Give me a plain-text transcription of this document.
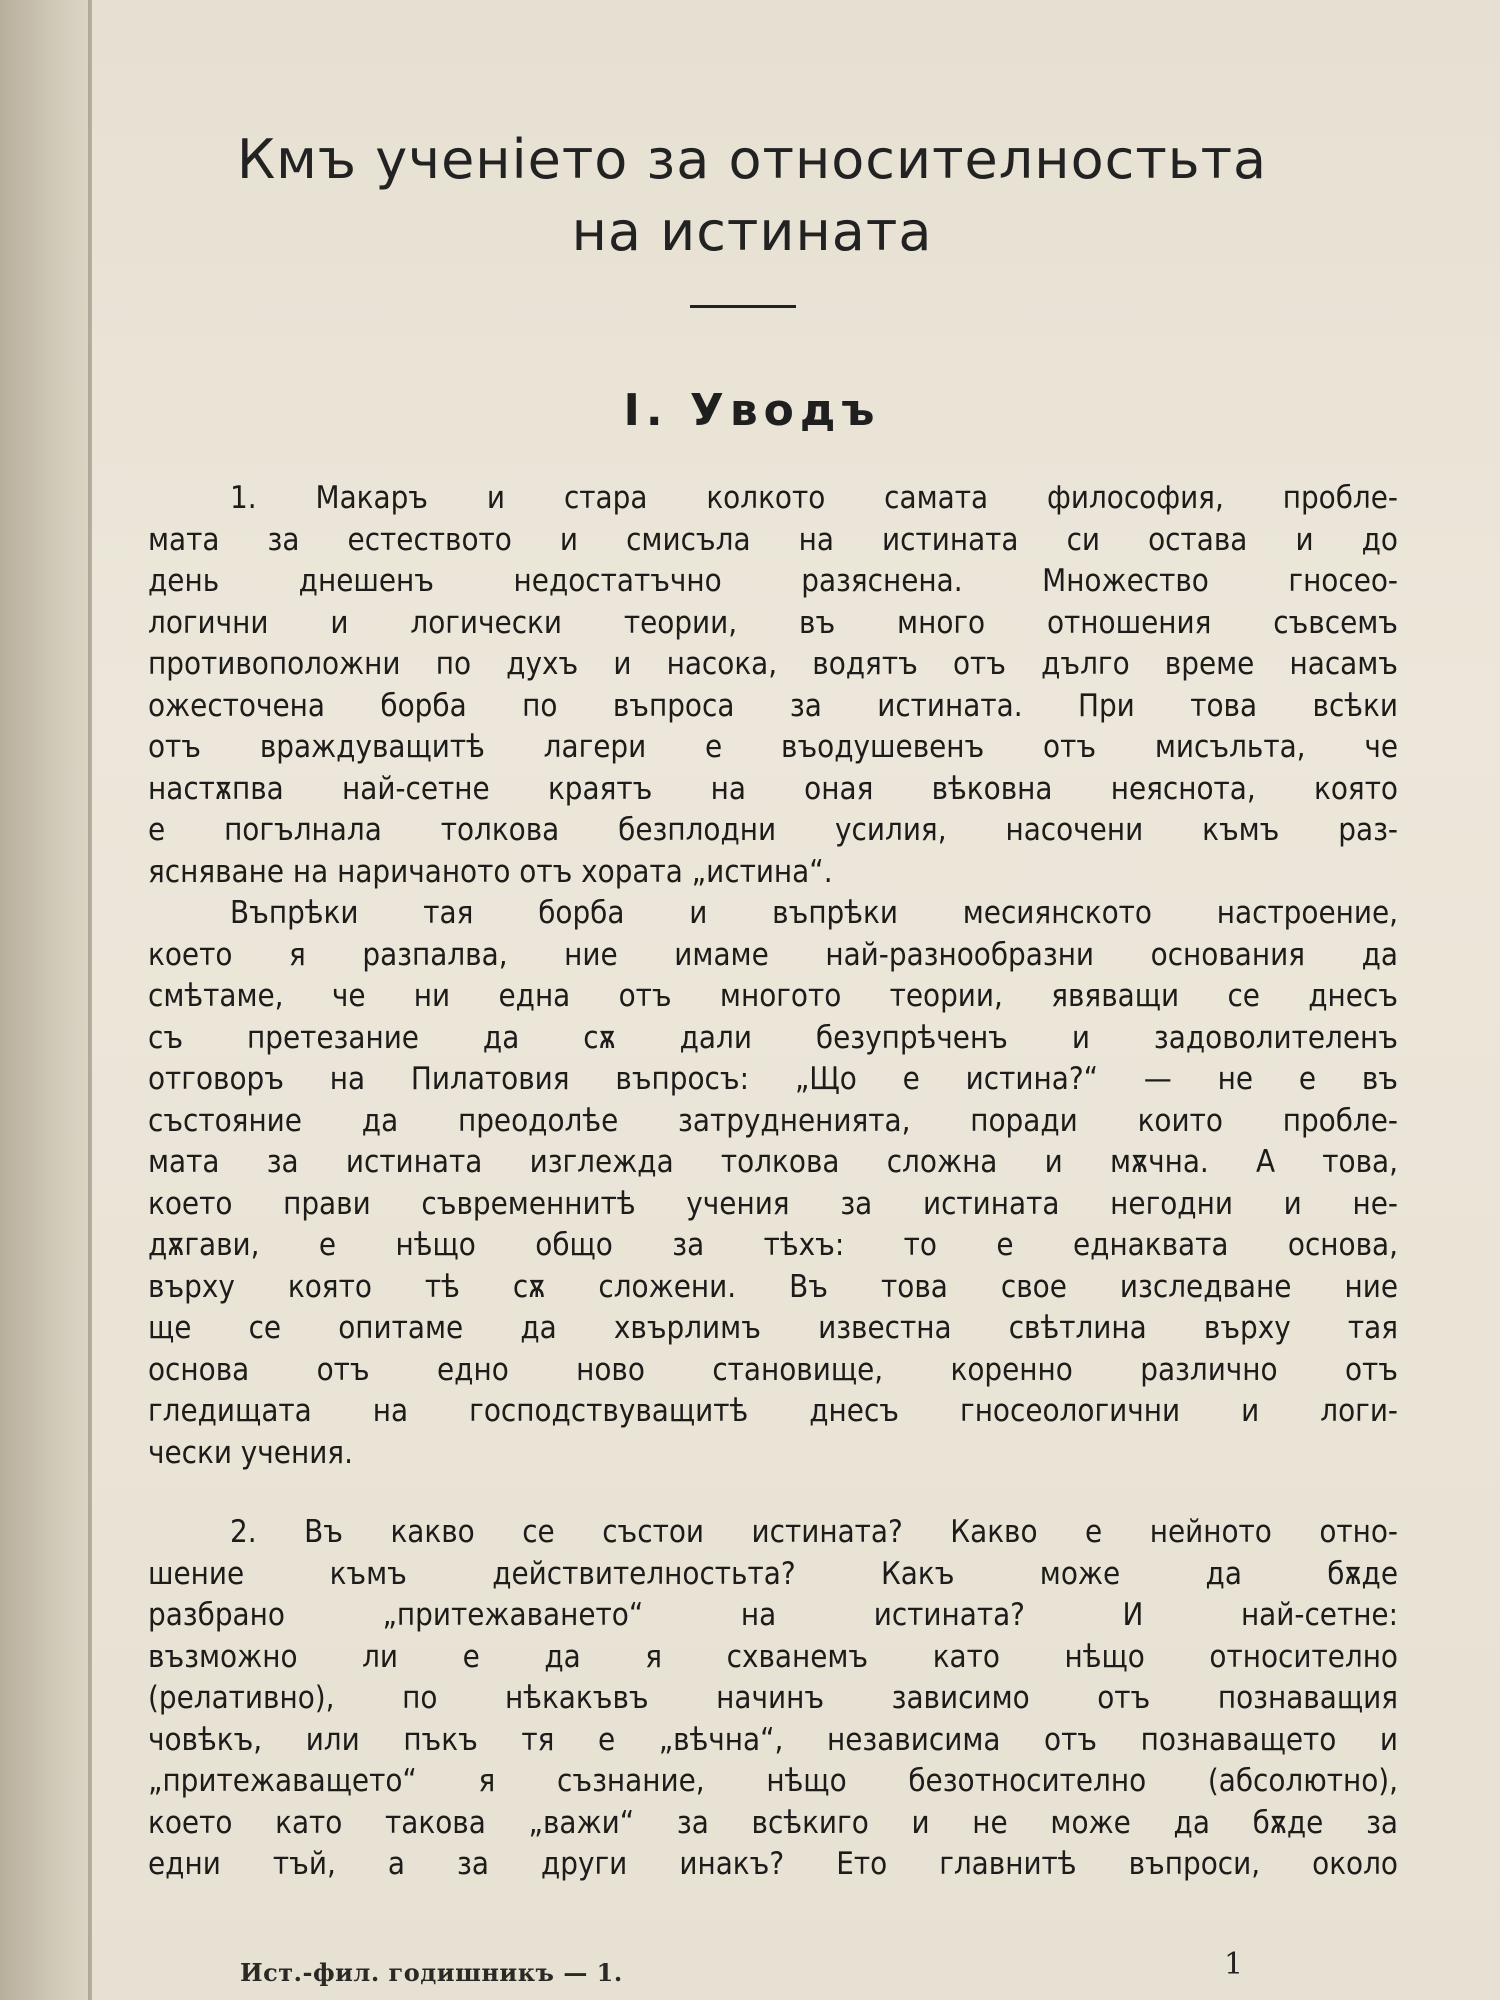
Кмъ ученiето за относителностьта
на истината
I. Уводъ
1. Макаръ и стара колкото самата философия, пробле-
мата за естеството и смисъла на истината си остава и до
день днешенъ недостатъчно разяснена. Множество гносео-
логични и логически теории, въ много отношения съвсемъ
противоположни по духъ и насока, водятъ отъ дълго време насамъ
ожесточена борба по въпроса за истината. При това всѣки
отъ враждуващитѣ лагери е въодушевенъ отъ мисъльта, че
настѫпва най-сетне краятъ на оная вѣковна неяснота, която
е погълнала толкова безплодни усилия, насочени къмъ раз-
ясняване на наричаното отъ хората „истина“.
Въпрѣки тая борба и въпрѣки месиянското настроение,
което я разпалва, ние имаме най-разнообразни основания да
смѣтаме, че ни една отъ многото теории, явяващи се днесъ
съ претезание да сѫ дали безупрѣченъ и задоволителенъ
отговоръ на Пилатовия въпросъ: „Що е истина?“ — не е въ
състояние да преодолѣе затрудненията, поради които пробле-
мата за истината изглежда толкова сложна и мѫчна. А това,
което прави съвременнитѣ учения за истината негодни и не-
дѫгави, е нѣщо общо за тѣхъ: то е еднаквата основа,
върху която тѣ сѫ сложени. Въ това свое изследване ние
ще се опитаме да хвърлимъ известна свѣтлина върху тая
основа отъ едно ново становище, коренно различно отъ
гледищата на господствуващитѣ днесъ гносеологични и логи-
чески учения.
2. Въ какво се състои истината? Какво е нейното отно-
шение къмъ действителностьта? Какъ може да бѫде
разбрано „притежаването“ на истината? И най-сетне:
възможно ли е да я схванемъ като нѣщо относително
(релативно), по нѣкакъвъ начинъ зависимо отъ познаващия
човѣкъ, или пъкъ тя е „вѣчна“, независима отъ познаващето и
„притежаващето“ я съзнание, нѣщо безотносително (абсолютно),
което като такова „важи“ за всѣкиго и не може да бѫде за
едни тъй, а за други инакъ? Ето главнитѣ въпроси, около
Ист.-фил. годишникъ — 1.	1
